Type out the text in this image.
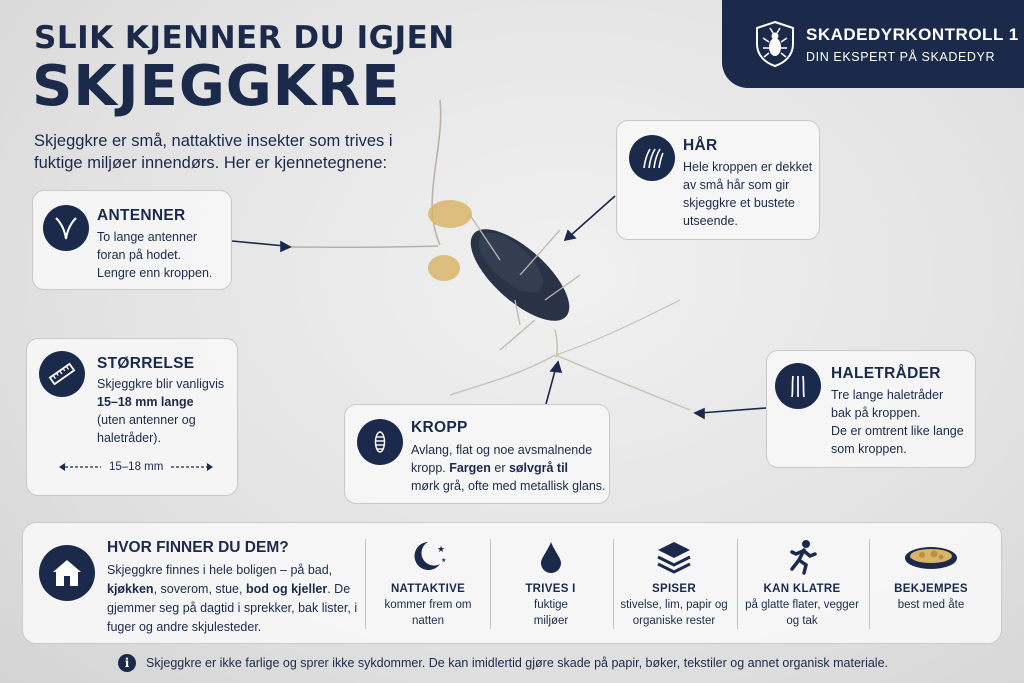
SLIK KJENNER DU IGJEN
SKJEGGKRE
Skjeggkre er små, nattaktive insekter som trives i fuktige miljøer innendørs. Her er kjennetegnene:
SKADEDYRKONTROLL 1
DIN EKSPERT PÅ SKADEDYR
ANTENNER
To lange antenner
foran på hodet.
Lengre enn kroppen.
STØRRELSE
Skjeggkre blir vanligvis
15–18 mm lange
(uten antenner og
haletråder).
15–18 mm
HÅR
Hele kroppen er dekket
av små hår som gir
skjeggkre et bustete
utseende.
KROPP
Avlang, flat og noe avsmalnende
kropp. Fargen er sølvgrå til
mørk grå, ofte med metallisk glans.
HALETRÅDER
Tre lange haletråder
bak på kroppen.
De er omtrent like lange
som kroppen.
HVOR FINNER DU DEM?
Skjeggkre finnes i hele boligen – på bad, kjøkken, soverom, stue, bod og kjeller. De gjemmer seg på dagtid i sprekker, bak lister, i fuger og andre skjulesteder.
★
★
NATTAKTIVE
kommer frem om natten
TRIVES I
fuktige miljøer
SPISER
stivelse, lim, papir og organiske rester
KAN KLATRE
på glatte flater, vegger og tak
BEKJEMPES
best med åte
i	Skjeggkre er ikke farlige og sprer ikke sykdommer. De kan imidlertid gjøre skade på papir, bøker, tekstiler og annet organisk materiale.
